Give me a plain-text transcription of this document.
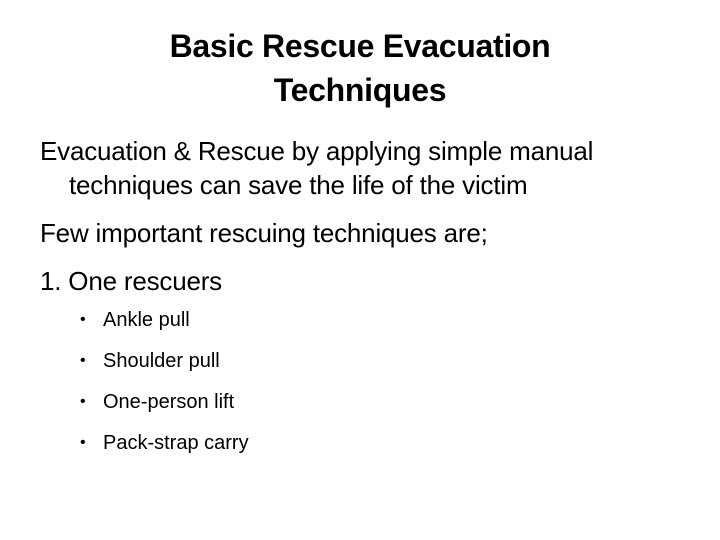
Basic Rescue Evacuation
Techniques
Evacuation & Rescue by applying simple manual
techniques can save the life of the victim
Few important rescuing techniques are;
1. One rescuers
• Ankle pull
• Shoulder pull
• One-person lift
• Pack-strap carry
